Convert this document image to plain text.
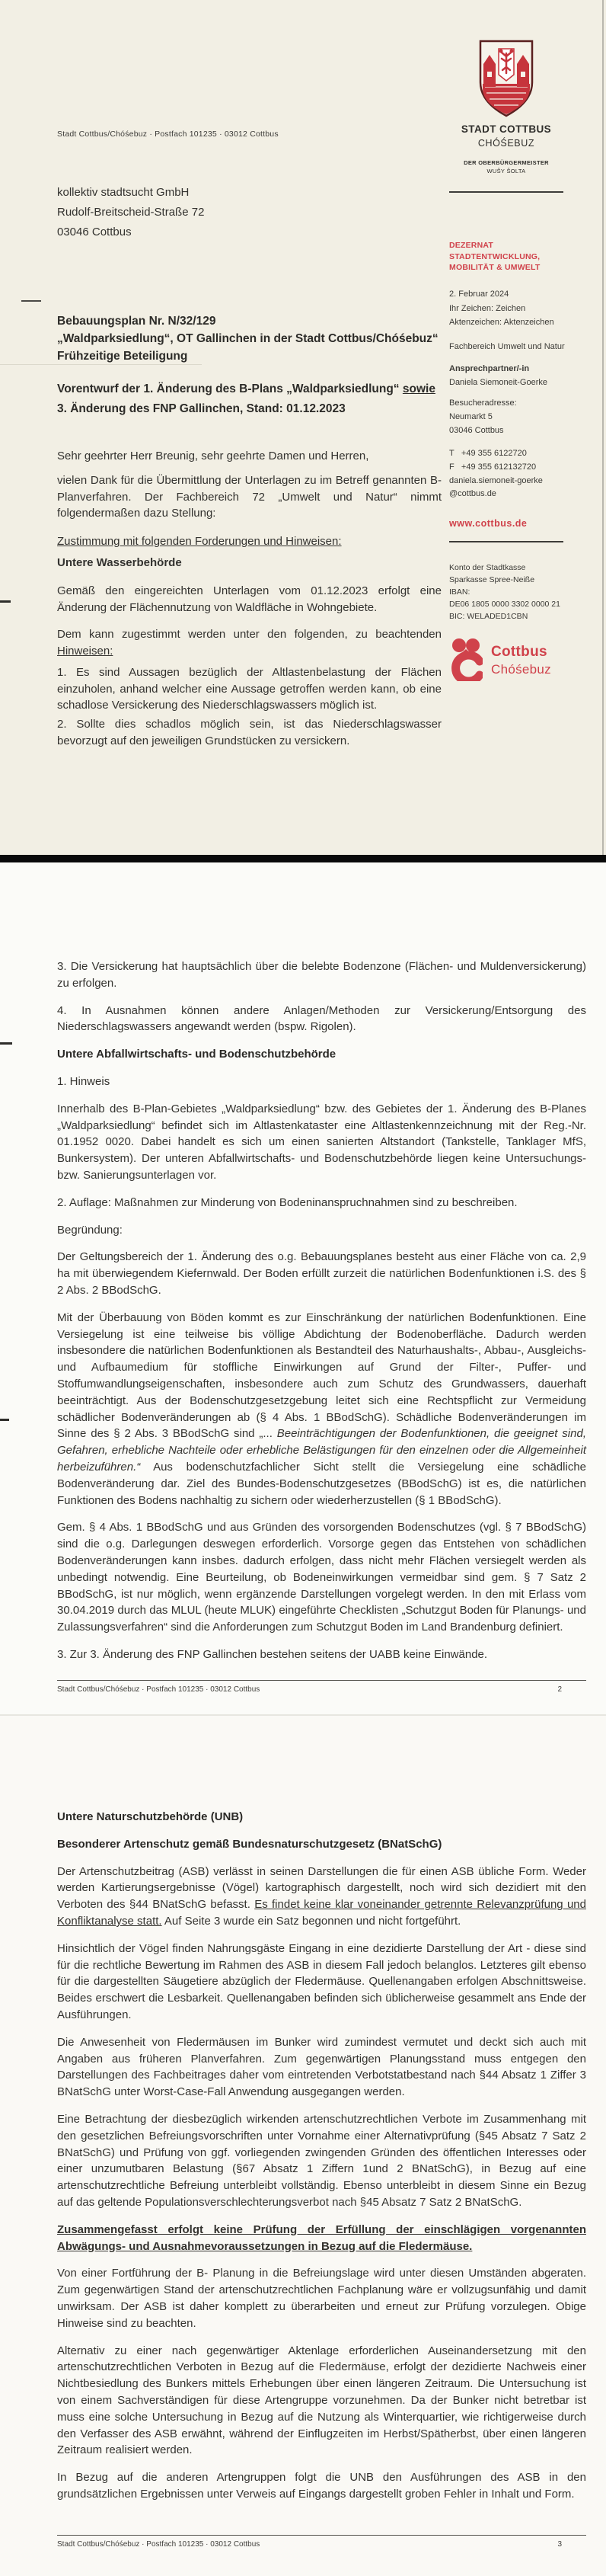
Stadt Cottbus/Chóśebuz · Postfach 101235 · 03012 Cottbus
kollektiv stadtsucht GmbH
Rudolf-Breitscheid-Straße 72
03046 Cottbus
Bebauungsplan Nr. N/32/129
„Waldparksiedlung“, OT Gallinchen in der Stadt Cottbus/Chóśebuz“
Frühzeitige Beteiligung
Vorentwurf der 1. Änderung des B-Plans „Waldparksiedlung“ sowie
3. Änderung des FNP Gallinchen, Stand: 01.12.2023
Sehr geehrter Herr Breunig, sehr geehrte Damen und Herren,
vielen Dank für die Übermittlung der Unterlagen zu im Betreff genannten B-Planverfahren. Der Fachbereich 72 „Umwelt und Natur“ nimmt folgendermaßen dazu Stellung:
Zustimmung mit folgenden Forderungen und Hinweisen:
Untere Wasserbehörde
Gemäß den eingereichten Unterlagen vom 01.12.2023 erfolgt eine Änderung der Flächennutzung von Waldfläche in Wohngebiete.
Dem kann zugestimmt werden unter den folgenden, zu beachtenden Hinweisen:
1. Es sind Aussagen bezüglich der Altlastenbelastung der Flächen einzuholen, anhand welcher eine Aussage getroffen werden kann, ob eine schadlose Versickerung des Niederschlagswassers möglich ist.
2. Sollte dies schadlos möglich sein, ist das Niederschlagswasser bevorzugt auf den jeweiligen Grundstücken zu versickern.
STADT COTTBUS
CHÓŚEBUZ
DER OBERBÜRGERMEISTER
WUŠY ŠOLTA
DEZERNAT
STADTENTWICKLUNG,
MOBILITÄT & UMWELT
2. Februar 2024
Ihr Zeichen: Zeichen
Aktenzeichen: Aktenzeichen
Fachbereich Umwelt und Natur
Ansprechpartner/-in
Daniela Siemoneit-Goerke
Besucheradresse:
Neumarkt 5
03046 Cottbus
T +49 355 6122720
F +49 355 612132720
daniela.siemoneit-goerke
@cottbus.de
www.cottbus.de
Konto der Stadtkasse
Sparkasse Spree-Neiße
IBAN:
DE06 1805 0000 3302 0000 21
BIC: WELADED1CBN
Cottbus
Chóśebuz

3. Die Versickerung hat hauptsächlich über die belebte Bodenzone (Flächen- und Muldenversickerung) zu erfolgen.

4. In Ausnahmen können andere Anlagen/Methoden zur Versickerung/Entsorgung des Niederschlagswassers angewandt werden (bspw. Rigolen).

Untere Abfallwirtschafts- und Bodenschutzbehörde

1. Hinweis

Innerhalb des B-Plan-Gebietes „Waldparksiedlung“ bzw. des Gebietes der 1. Änderung des B-Planes „Waldparksiedlung“ befindet sich im Altlastenkataster eine Altlastenkennzeichnung mit der Reg.-Nr. 01.1952 0020. Dabei handelt es sich um einen sanierten Altstandort (Tankstelle, Tanklager MfS, Bunkersystem). Der unteren Abfallwirtschafts- und Bodenschutzbehörde liegen keine Untersuchungs- bzw. Sanierungsunterlagen vor.

2. Auflage: Maßnahmen zur Minderung von Bodeninanspruchnahmen sind zu beschreiben.

Begründung:

Der Geltungsbereich der 1. Änderung des o.g. Bebauungsplanes besteht aus einer Fläche von ca. 2,9 ha mit überwiegendem Kiefernwald. Der Boden erfüllt zurzeit die natürlichen Bodenfunktionen i.S. des § 2 Abs. 2 BBodSchG.

Mit der Überbauung von Böden kommt es zur Einschränkung der natürlichen Bodenfunktionen. Eine Versiegelung ist eine teilweise bis völlige Abdichtung der Bodenoberfläche. Dadurch werden insbesondere die natürlichen Bodenfunktionen als Bestandteil des Naturhaushalts-, Abbau-, Ausgleichs- und Aufbaumedium für stoffliche Einwirkungen auf Grund der Filter-, Puffer- und Stoffumwandlungseigenschaften, insbesondere auch zum Schutz des Grundwassers, dauerhaft beeinträchtigt. Aus der Bodenschutzgesetzgebung leitet sich eine Rechtspflicht zur Vermeidung schädlicher Bodenveränderungen ab (§ 4 Abs. 1 BBodSchG). Schädliche Bodenveränderungen im Sinne des § 2 Abs. 3 BBodSchG sind „... Beeinträchtigungen der Bodenfunktionen, die geeignet sind, Gefahren, erhebliche Nachteile oder erhebliche Belästigungen für den einzelnen oder die Allgemeinheit herbeizuführen.“ Aus bodenschutzfachlicher Sicht stellt die Versiegelung eine schädliche Bodenveränderung dar. Ziel des Bundes-Bodenschutzgesetzes (BBodSchG) ist es, die natürlichen Funktionen des Bodens nachhaltig zu sichern oder wiederherzustellen (§ 1 BBodSchG).

Gem. § 4 Abs. 1 BBodSchG und aus Gründen des vorsorgenden Bodenschutzes (vgl. § 7 BBodSchG) sind die o.g. Darlegungen deswegen erforderlich. Vorsorge gegen das Entstehen von schädlichen Bodenveränderungen kann insbes. dadurch erfolgen, dass nicht mehr Flächen versiegelt werden als unbedingt notwendig. Eine Beurteilung, ob Bodeneinwirkungen vermeidbar sind gem. § 7 Satz 2 BBodSchG, ist nur möglich, wenn ergänzende Darstellungen vorgelegt werden. In den mit Erlass vom 30.04.2019 durch das MLUL (heute MLUK) eingeführte Checklisten „Schutzgut Boden für Planungs- und Zulassungsverfahren“ sind die Anforderungen zum Schutzgut Boden im Land Brandenburg definiert.

3. Zur 3. Änderung des FNP Gallinchen bestehen seitens der UABB keine Einwände.

Stadt Cottbus/Chóśebuz · Postfach 101235 · 03012 Cottbus	2

Untere Naturschutzbehörde (UNB)

Besonderer Artenschutz gemäß Bundesnaturschutzgesetz (BNatSchG)

Der Artenschutzbeitrag (ASB) verlässt in seinen Darstellungen die für einen ASB übliche Form. Weder werden Kartierungsergebnisse (Vögel) kartographisch dargestellt, noch wird sich dezidiert mit den Verboten des §44 BNatSchG befasst. Es findet keine klar voneinander getrennte Relevanzprüfung und Konfliktanalyse statt. Auf Seite 3 wurde ein Satz begonnen und nicht fortgeführt.

Hinsichtlich der Vögel finden Nahrungsgäste Eingang in eine dezidierte Darstellung der Art - diese sind für die rechtliche Bewertung im Rahmen des ASB in diesem Fall jedoch belanglos. Letzteres gilt ebenso für die dargestellten Säugetiere abzüglich der Fledermäuse. Quellenangaben erfolgen Abschnittsweise. Beides erschwert die Lesbarkeit. Quellenangaben befinden sich üblicherweise gesammelt ans Ende der Ausführungen.

Die Anwesenheit von Fledermäusen im Bunker wird zumindest vermutet und deckt sich auch mit Angaben aus früheren Planverfahren. Zum gegenwärtigen Planungsstand muss entgegen den Darstellungen des Fachbeitrages daher vom eintretenden Verbotstatbestand nach §44 Absatz 1 Ziffer 3 BNatSchG unter Worst-Case-Fall Anwendung ausgegangen werden.

Eine Betrachtung der diesbezüglich wirkenden artenschutzrechtlichen Verbote im Zusammenhang mit den gesetzlichen Befreiungsvorschriften unter Vornahme einer Alternativprüfung (§45 Absatz 7 Satz 2 BNatSchG) und Prüfung von ggf. vorliegenden zwingenden Gründen des öffentlichen Interesses oder einer unzumutbaren Belastung (§67 Absatz 1 Ziffern 1und 2 BNatSchG), in Bezug auf eine artenschutzrechtliche Befreiung unterbleibt vollständig. Ebenso unterbleibt in diesem Sinne ein Bezug auf das geltende Populationsverschlechterungsverbot nach §45 Absatz 7 Satz 2 BNatSchG.

Zusammengefasst erfolgt keine Prüfung der Erfüllung der einschlägigen vorgenannten Abwägungs- und Ausnahmevoraussetzungen in Bezug auf die Fledermäuse.

Von einer Fortführung der B- Planung in die Befreiungslage wird unter diesen Umständen abgeraten. Zum gegenwärtigen Stand der artenschutzrechtlichen Fachplanung wäre er vollzugsunfähig und damit unwirksam. Der ASB ist daher komplett zu überarbeiten und erneut zur Prüfung vorzulegen. Obige Hinweise sind zu beachten.

Alternativ zu einer nach gegenwärtiger Aktenlage erforderlichen Auseinandersetzung mit den artenschutzrechtlichen Verboten in Bezug auf die Fledermäuse, erfolgt der dezidierte Nachweis einer Nichtbesiedlung des Bunkers mittels Erhebungen über einen längeren Zeitraum. Die Untersuchung ist von einem Sachverständigen für diese Artengruppe vorzunehmen. Da der Bunker nicht betretbar ist muss eine solche Untersuchung in Bezug auf die Nutzung als Winterquartier, wie richtigerweise durch den Verfasser des ASB erwähnt, während der Einflugzeiten im Herbst/Spätherbst, über einen längeren Zeitraum realisiert werden.

In Bezug auf die anderen Artengruppen folgt die UNB den Ausführungen des ASB in den grundsätzlichen Ergebnissen unter Verweis auf Eingangs dargestellt groben Fehler in Inhalt und Form.

Stadt Cottbus/Chóśebuz · Postfach 101235 · 03012 Cottbus	3
